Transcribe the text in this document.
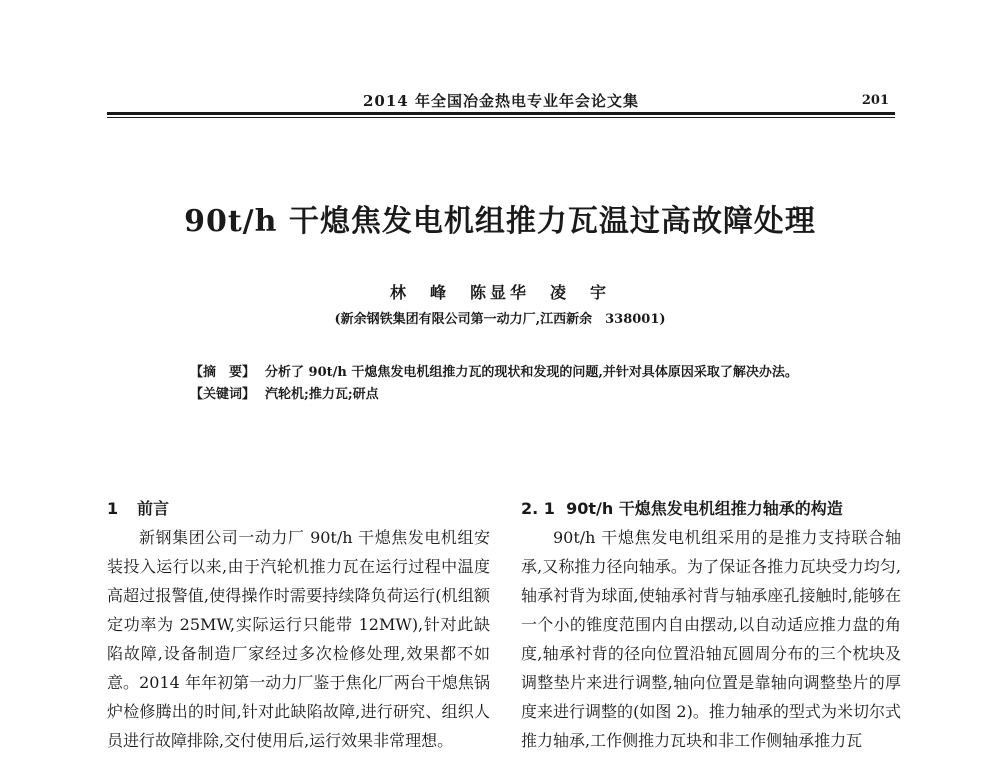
2014 年全国冶金热电专业年会论文集	201
90t/h 干熄焦发电机组推力瓦温过高故障处理
林　峰　陈显华　凌　宇
(新余钢铁集团有限公司第一动力厂,江西新余　338001)

【摘　要】 分析了 90t/h 干熄焦发电机组推力瓦的现状和发现的问题,并针对具体原因采取了解决办法。

【关键词】 汽轮机;推力瓦;研点

1 前言

新钢集团公司一动力厂 90t/h 干熄焦发电机组安装投入运行以来,由于汽轮机推力瓦在运行过程中温度高超过报警值,使得操作时需要持续降负荷运行(机组额定功率为 25MW,实际运行只能带 12MW),针对此缺陷故障,设备制造厂家经过多次检修处理,效果都不如意。2014 年年初第一动力厂鉴于焦化厂两台干熄焦锅炉检修腾出的时间,针对此缺陷故障,进行研究、组织人员进行故障排除,交付使用后,运行效果非常理想。

2. 1 90t/h 干熄焦发电机组推力轴承的构造

90t/h 干熄焦发电机组采用的是推力支持联合轴承,又称推力径向轴承。为了保证各推力瓦块受力均匀,轴承衬背为球面,使轴承衬背与轴承座孔接触时,能够在一个小的锥度范围内自由摆动,以自动适应推力盘的角度,轴承衬背的径向位置沿轴瓦圆周分布的三个枕块及调整垫片来进行调整,轴向位置是靠轴向调整垫片的厚度来进行调整的(如图 2)。推力轴承的型式为米切尔式推力轴承,工作侧推力瓦块和非工作侧轴承推力瓦
